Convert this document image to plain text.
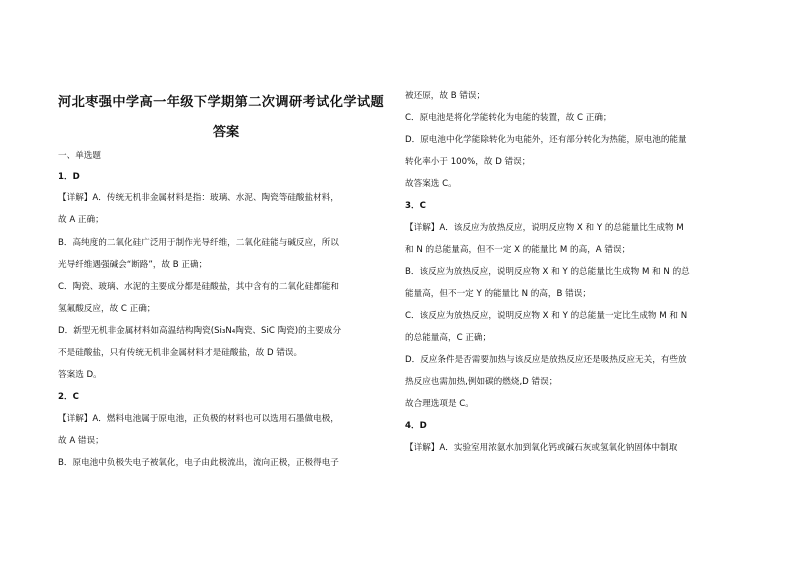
河北枣强中学高一年级下学期第二次调研考试化学试题
答案
一、单选题
1．D
【详解】A．传统无机非金属材料是指：玻璃、水泥、陶瓷等硅酸盐材料，
故 A 正确；
B．高纯度的二氧化硅广泛用于制作光导纤维，二氧化硅能与碱反应，所以
光导纤维遇强碱会“断路”，故 B 正确；
C．陶瓷、玻璃、水泥的主要成分都是硅酸盐，其中含有的二氧化硅都能和
氢氟酸反应，故 C 正确；
D．新型无机非金属材料如高温结构陶瓷(Si₃N₄陶瓷、SiC 陶瓷)的主要成分
不是硅酸盐，只有传统无机非金属材料才是硅酸盐，故 D 错误。
答案选 D。
2．C
【详解】A．燃料电池属于原电池，正负极的材料也可以选用石墨做电极，
故 A 错误；
B．原电池中负极失电子被氧化，电子由此极流出，流向正极，正极得电子
被还原，故 B 错误；
C．原电池是将化学能转化为电能的装置，故 C 正确；
D．原电池中化学能除转化为电能外，还有部分转化为热能，原电池的能量
转化率小于 100%，故 D 错误；
故答案选 C。
3．C
【详解】A．该反应为放热反应，说明反应物 X 和 Y 的总能量比生成物 M
和 N 的总能量高，但不一定 X 的能量比 M 的高，A 错误；
B．该反应为放热反应，说明反应物 X 和 Y 的总能量比生成物 M 和 N 的总
能量高，但不一定 Y 的能量比 N 的高，B 错误；
C．该反应为放热反应，说明反应物 X 和 Y 的总能量一定比生成物 M 和 N
的总能量高，C 正确；
D．反应条件是否需要加热与该反应是放热反应还是吸热反应无关，有些放
热反应也需加热,例如碳的燃烧,D 错误；
故合理选项是 C。
4．D
【详解】A．实验室用浓氨水加到氧化钙或碱石灰或氢氧化钠固体中制取
